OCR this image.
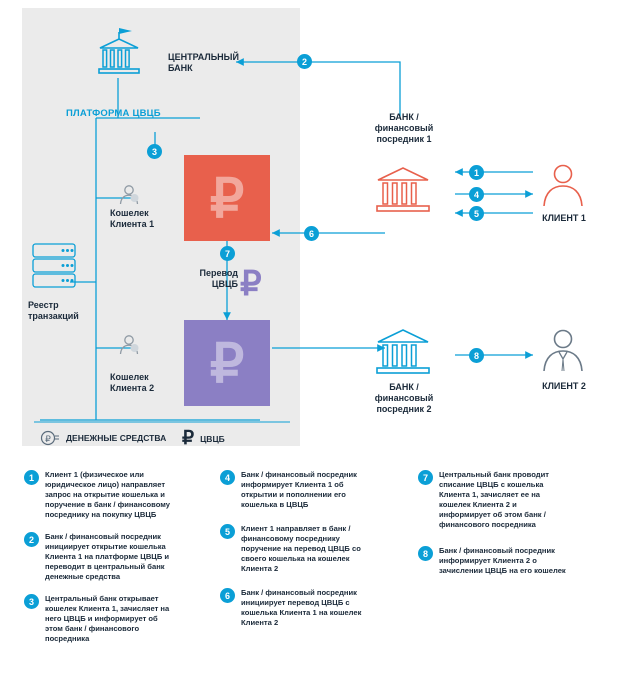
ЦЕНТРАЛЬНЫЙ
БАНК
ПЛАТФОРМА ЦВЦБ
₽
₽
₽
Перевод
ЦВЦБ
Кошелек
Клиента 1
Кошелек
Клиента 2
Реестр
транзакций
БАНК /
финансовый
посредник 1
БАНК /
финансовый
посредник 2
КЛИЕНТ 1
КЛИЕНТ 2
2
3
1
4
5
6
7
8
₽ ДЕНЕЖНЫЕ СРЕДСТВА ₽ ЦВЦБ
1	Клиент 1 (физическое или юридическое лицо) направляет запрос на открытие кошелька и поручение в банк / финансовому посреднику на покупку ЦВЦБ
2	Банк / финансовый посредник инициирует открытие кошелька Клиента 1 на платформе ЦВЦБ и переводит в центральный банк денежные средства
3	Центральный банк открывает кошелек Клиента 1, зачисляет на него ЦВЦБ и информирует об этом банк / финансового посредника
4	Банк / финансовый посредник информирует Клиента 1 об открытии и пополнении его кошелька в ЦВЦБ
5	Клиент 1 направляет в банк / финансовому посреднику поручение на перевод ЦВЦБ со своего кошелька на кошелек Клиента 2
6	Банк / финансовый посредник инициирует перевод ЦВЦБ с кошелька Клиента 1 на кошелек Клиента 2
7	Центральный банк проводит списание ЦВЦБ с кошелька Клиента 1, зачисляет ее на кошелек Клиента 2 и информирует об этом банк / финансового посредника
8	Банк / финансовый посредник информирует Клиента 2 о зачислении ЦВЦБ на его кошелек
